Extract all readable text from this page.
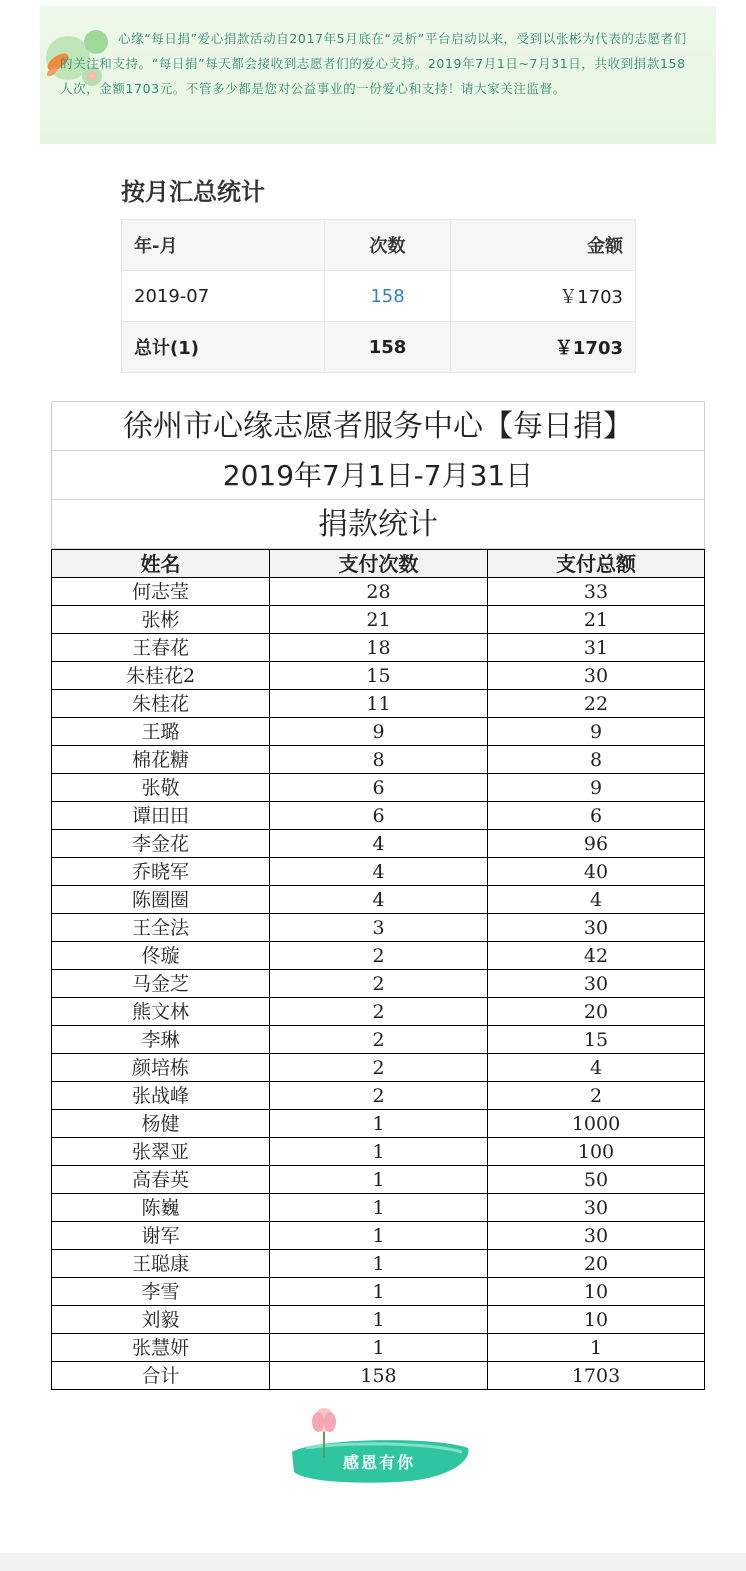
心缘“每日捐”爱心捐款活动自2017年5月底在“灵析”平台启动以来，受到以张彬为代表的志愿者们的关注和支持。“每日捐”每天都会接收到志愿者们的爱心支持。2019年7月1日~7月31日，共收到捐款158人次，金额1703元。不管多少都是您对公益事业的一份爱心和支持！请大家关注监督。
按月汇总统计
年-月	次数	金额
2019-07	158	￥1703
总计(1)	158	￥1703
徐州市心缘志愿者服务中心【每日捐】
2019年7月1日-7月31日
捐款统计
姓名	支付次数	支付总额
何志莹	28	33
张彬	21	21
王春花	18	31
朱桂花2	15	30
朱桂花	11	22
王璐	9	9
棉花糖	8	8
张敬	6	9
谭田田	6	6
李金花	4	96
乔晓军	4	40
陈圈圈	4	4
王全法	3	30
佟璇	2	42
马金芝	2	30
熊文林	2	20
李琳	2	15
颜培栋	2	4
张战峰	2	2
杨健	1	1000
张翠亚	1	100
高春英	1	50
陈巍	1	30
谢军	1	30
王聪康	1	20
李雪	1	10
刘毅	1	10
张慧妍	1	1
合计	158	1703
感恩有你
